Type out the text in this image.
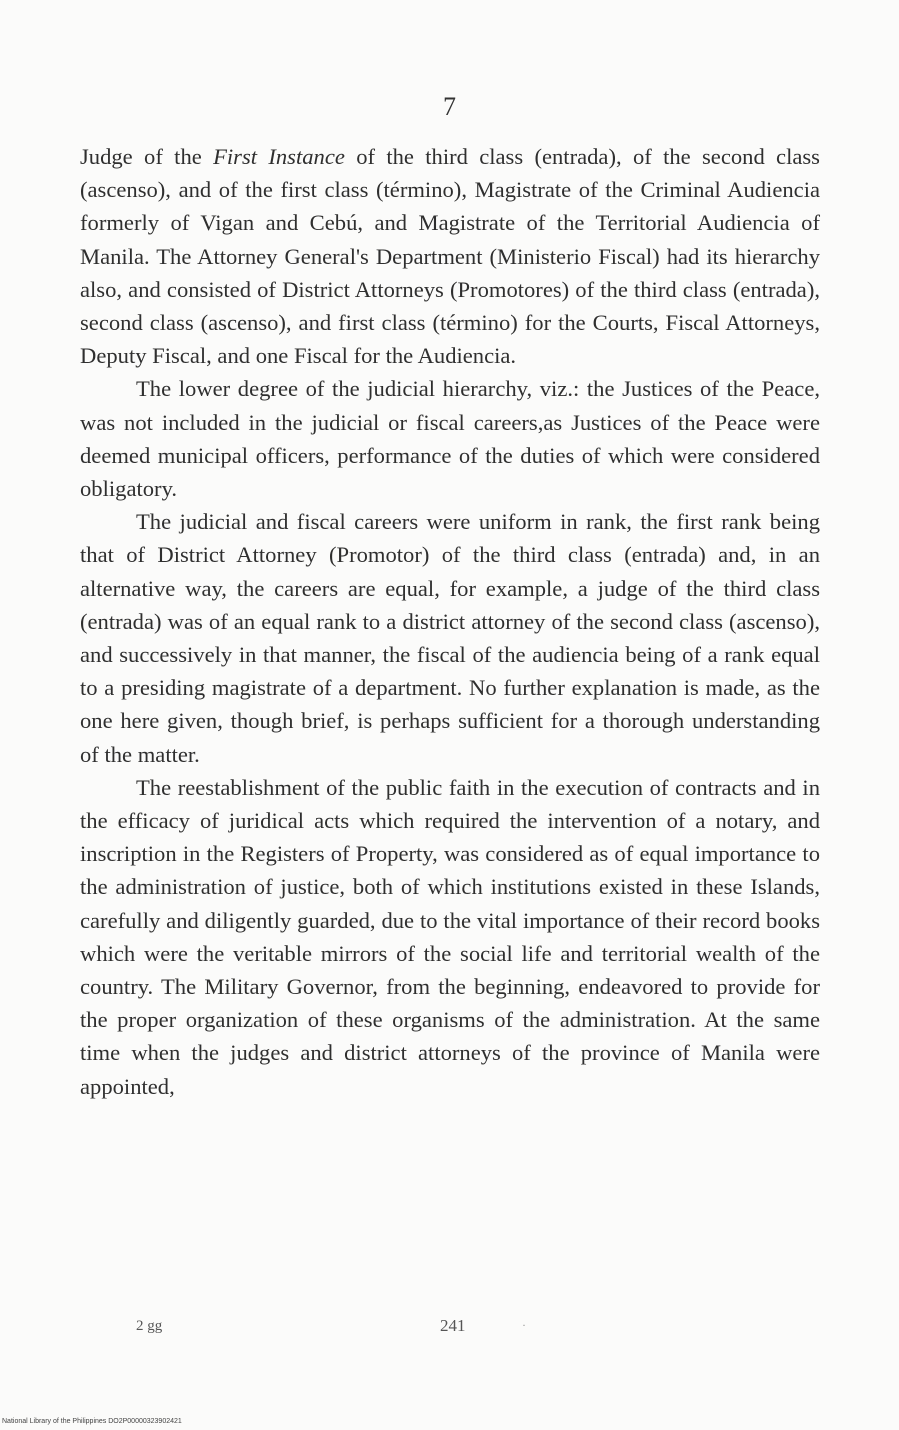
7

Judge of the First Instance of the third class (entrada), of the second class (ascenso), and of the first class (término), Magistrate of the Criminal Audiencia formerly of Vigan and Cebú, and Magistrate of the Territorial Audiencia of Manila. The Attorney General's Department (Ministerio Fiscal) had its hierarchy also, and consisted of District Attorneys (Promotores) of the third class (entrada), second class (ascenso), and first class (término) for the Courts, Fiscal Attorneys, Deputy Fiscal, and one Fiscal for the Audiencia.

The lower degree of the judicial hierarchy, viz.: the Justices of the Peace, was not included in the judicial or fiscal careers,as Justices of the Peace were deemed municipal officers, performance of the duties of which were considered obligatory.

The judicial and fiscal careers were uniform in rank, the first rank being that of District Attorney (Promotor) of the third class (entrada) and, in an alternative way, the careers are equal, for example, a judge of the third class (entrada) was of an equal rank to a district attorney of the second class (ascenso), and successively in that manner, the fiscal of the audiencia being of a rank equal to a presiding magistrate of a department. No further explanation is made, as the one here given, though brief, is perhaps sufficient for a thorough understanding of the matter.

The reestablishment of the public faith in the execution of contracts and in the efficacy of juridical acts which required the intervention of a notary, and inscription in the Registers of Property, was considered as of equal importance to the administration of justice, both of which institutions existed in these Islands, carefully and diligently guarded, due to the vital importance of their record books which were the veritable mirrors of the social life and territorial wealth of the country. The Military Governor, from the beginning, endeavored to provide for the proper organization of these organisms of the administration. At the same time when the judges and district attorneys of the province of Manila were appointed,

2 gg	241	·
National Library of the Philippines DO2P00000323902421
